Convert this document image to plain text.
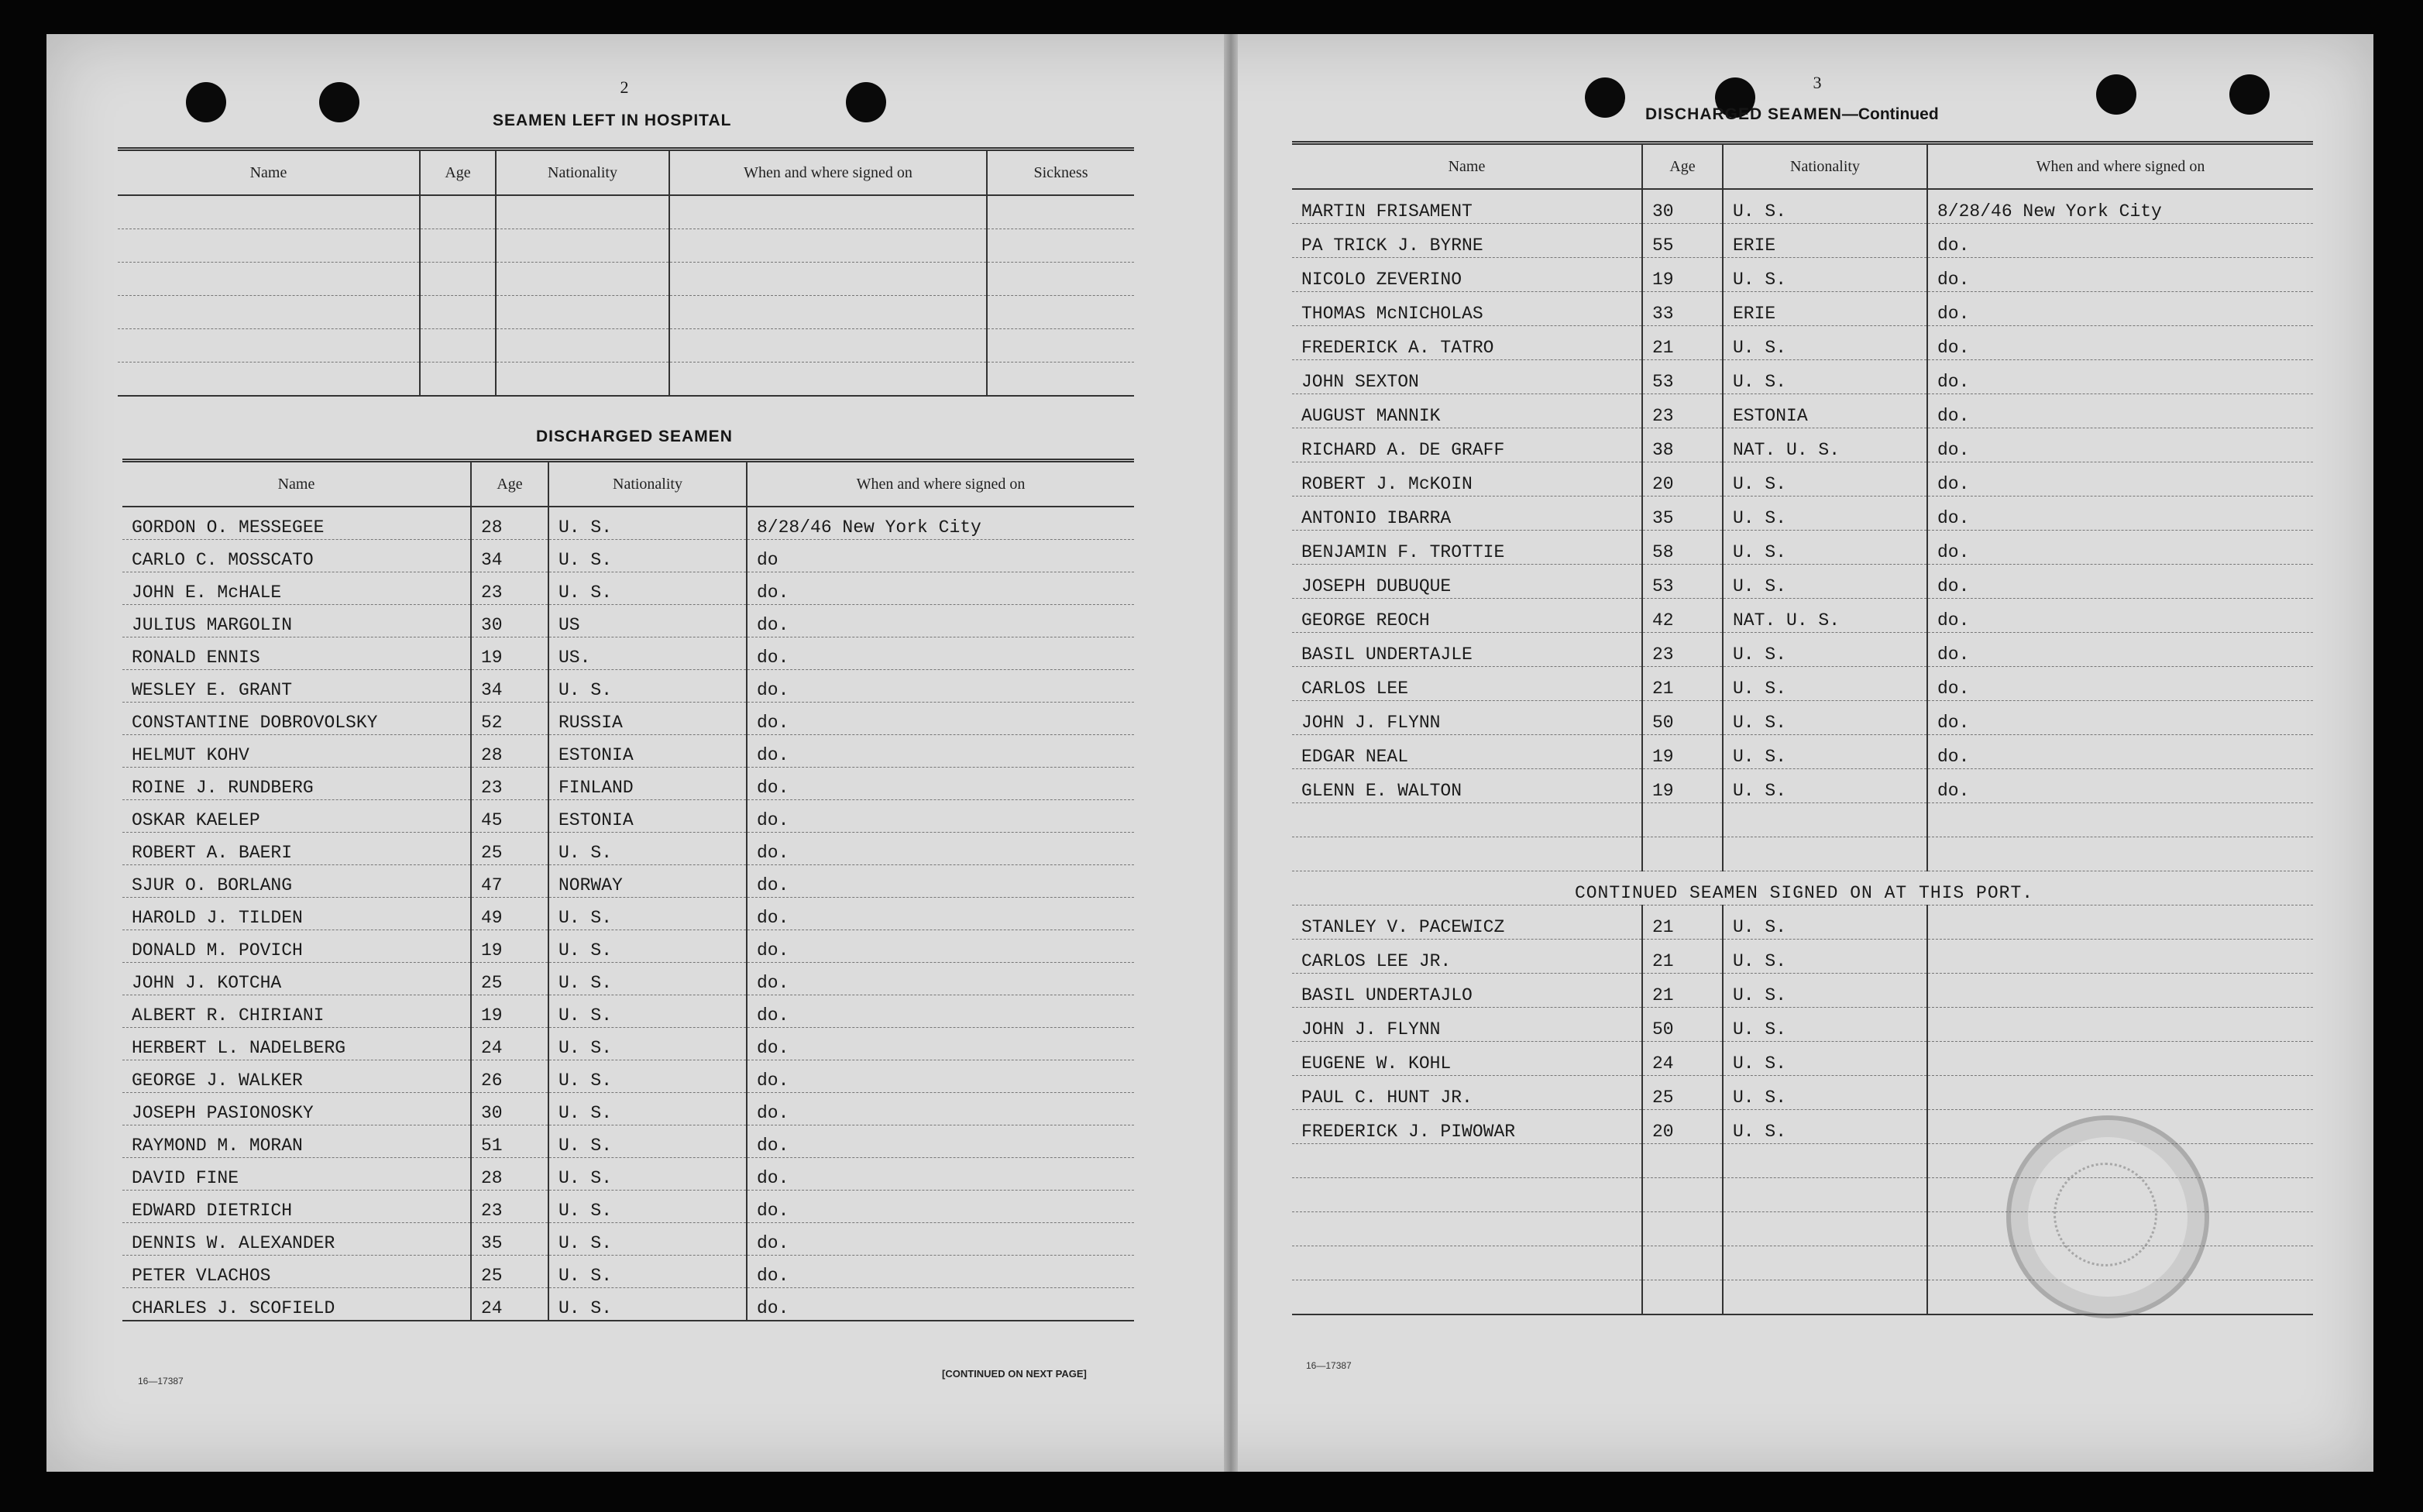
2
SEAMEN LEFT IN HOSPITAL
Name	Age	Nationality	When and where signed on	Sickness

DISCHARGED SEAMEN
Name	Age	Nationality	When and where signed on
GORDON O. MESSEGEE	28	U. S.	8/28/46 New York City
CARLO C. MOSSCATO	34	U. S.	do
JOHN E. McHALE	23	U. S.	do.
JULIUS MARGOLIN	30	US	do.
RONALD ENNIS	19	US.	do.
WESLEY E. GRANT	34	U. S.	do.
CONSTANTINE DOBROVOLSKY	52	RUSSIA	do.
HELMUT KOHV	28	ESTONIA	do.
ROINE J. RUNDBERG	23	FINLAND	do.
OSKAR KAELEP	45	ESTONIA	do.
ROBERT A. BAERI	25	U. S.	do.
SJUR O. BORLANG	47	NORWAY	do.
HAROLD J. TILDEN	49	U. S.	do.
DONALD M. POVICH	19	U. S.	do.
JOHN J. KOTCHA	25	U. S.	do.
ALBERT R. CHIRIANI	19	U. S.	do.
HERBERT L. NADELBERG	24	U. S.	do.
GEORGE J. WALKER	26	U. S.	do.
JOSEPH PASIONOSKY	30	U. S.	do.
RAYMOND M. MORAN	51	U. S.	do.
DAVID FINE	28	U. S.	do.
EDWARD DIETRICH	23	U. S.	do.
DENNIS W. ALEXANDER	35	U. S.	do.
PETER VLACHOS	25	U. S.	do.
CHARLES J. SCOFIELD	24	U. S.	do.
16—17387
[CONTINUED ON NEXT PAGE]
3
DISCHARGED SEAMEN—Continued
Name	Age	Nationality	When and where signed on
MARTIN FRISAMENT	30	U. S.	8/28/46 New York City
PA TRICK J. BYRNE	55	ERIE	do.
NICOLO ZEVERINO	19	U. S.	do.
THOMAS McNICHOLAS	33	ERIE	do.
FREDERICK A. TATRO	21	U. S.	do.
JOHN SEXTON	53	U. S.	do.
AUGUST MANNIK	23	ESTONIA	do.
RICHARD A. DE GRAFF	38	NAT. U. S.	do.
ROBERT J. McKOIN	20	U. S.	do.
ANTONIO IBARRA	35	U. S.	do.
BENJAMIN F. TROTTIE	58	U. S.	do.
JOSEPH DUBUQUE	53	U. S.	do.
GEORGE REOCH	42	NAT. U. S.	do.
BASIL UNDERTAJLE	23	U. S.	do.
CARLOS LEE	21	U. S.	do.
JOHN J. FLYNN	50	U. S.	do.
EDGAR NEAL	19	U. S.	do.
GLENN E. WALTON	19	U. S.	do.

CONTINUED SEAMEN SIGNED ON AT THIS PORT.			
STANLEY V. PACEWICZ	21	U. S.	
CARLOS LEE JR.	21	U. S.	
BASIL UNDERTAJLO	21	U. S.	
JOHN J. FLYNN	50	U. S.	
EUGENE W. KOHL	24	U. S.	
PAUL C. HUNT JR.	25	U. S.	
FREDERICK J. PIWOWAR	20	U. S.	

16—17387
